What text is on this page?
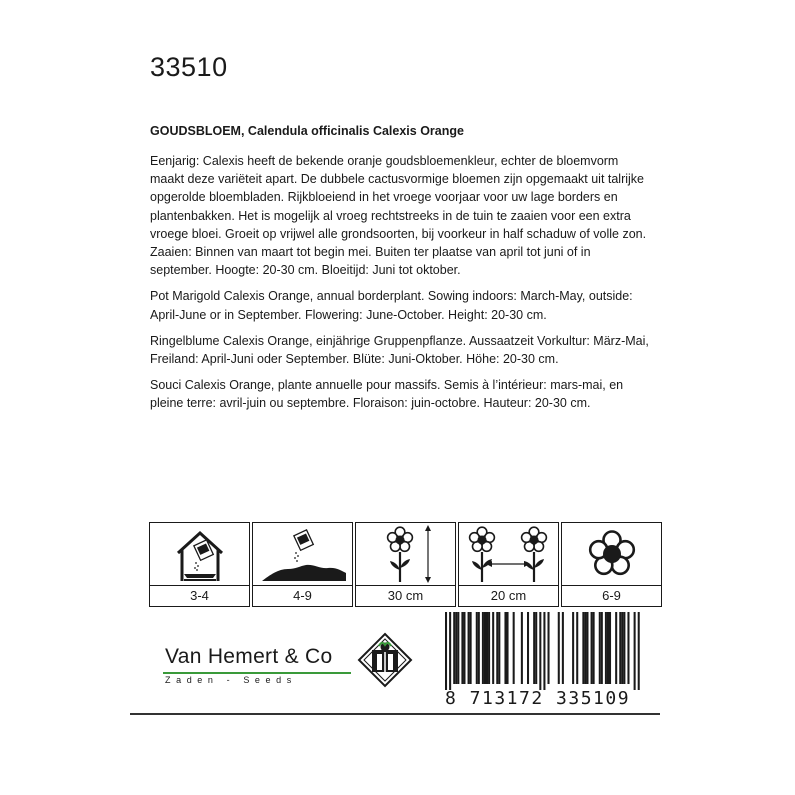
33510
GOUDSBLOEM, Calendula officinalis Calexis Orange

Eenjarig: Calexis heeft de bekende oranje goudsbloemenkleur, echter de bloemvorm maakt deze variëteit apart. De dubbele cactusvormige bloemen zijn opgemaakt uit talrijke opgerolde bloembladen. Rijkbloeiend in het vroege voorjaar voor uw lage borders en plantenbakken. Het is mogelijk al vroeg rechtstreeks in de tuin te zaaien voor een extra vroege bloei. Groeit op vrijwel alle grondsoorten, bij voorkeur in half schaduw of volle zon. Zaaien: Binnen van maart tot begin mei. Buiten ter plaatse van april tot juni of in september. Hoogte: 20-30 cm. Bloeitijd: Juni tot oktober.

Pot Marigold Calexis Orange, annual borderplant. Sowing indoors: March-May, outside: April-June or in September. Flowering: June-October. Height: 20-30 cm.

Ringelblume Calexis Orange, einjährige Gruppenpflanze. Aussaatzeit Vorkultur: März-Mai, Freiland: April-Juni oder September. Blüte: Juni-Oktober. Höhe: 20-30 cm.

Souci Calexis Orange, plante annuelle pour massifs. Semis à l’intérieur: mars-mai, en pleine terre: avril-juin ou septembre. Floraison: juin-octobre. Hauteur: 20-30 cm.

3-4	4-9	30 cm	20 cm	6-9
Van Hemert & Co
Zaden - Seeds
8 713172 335109
